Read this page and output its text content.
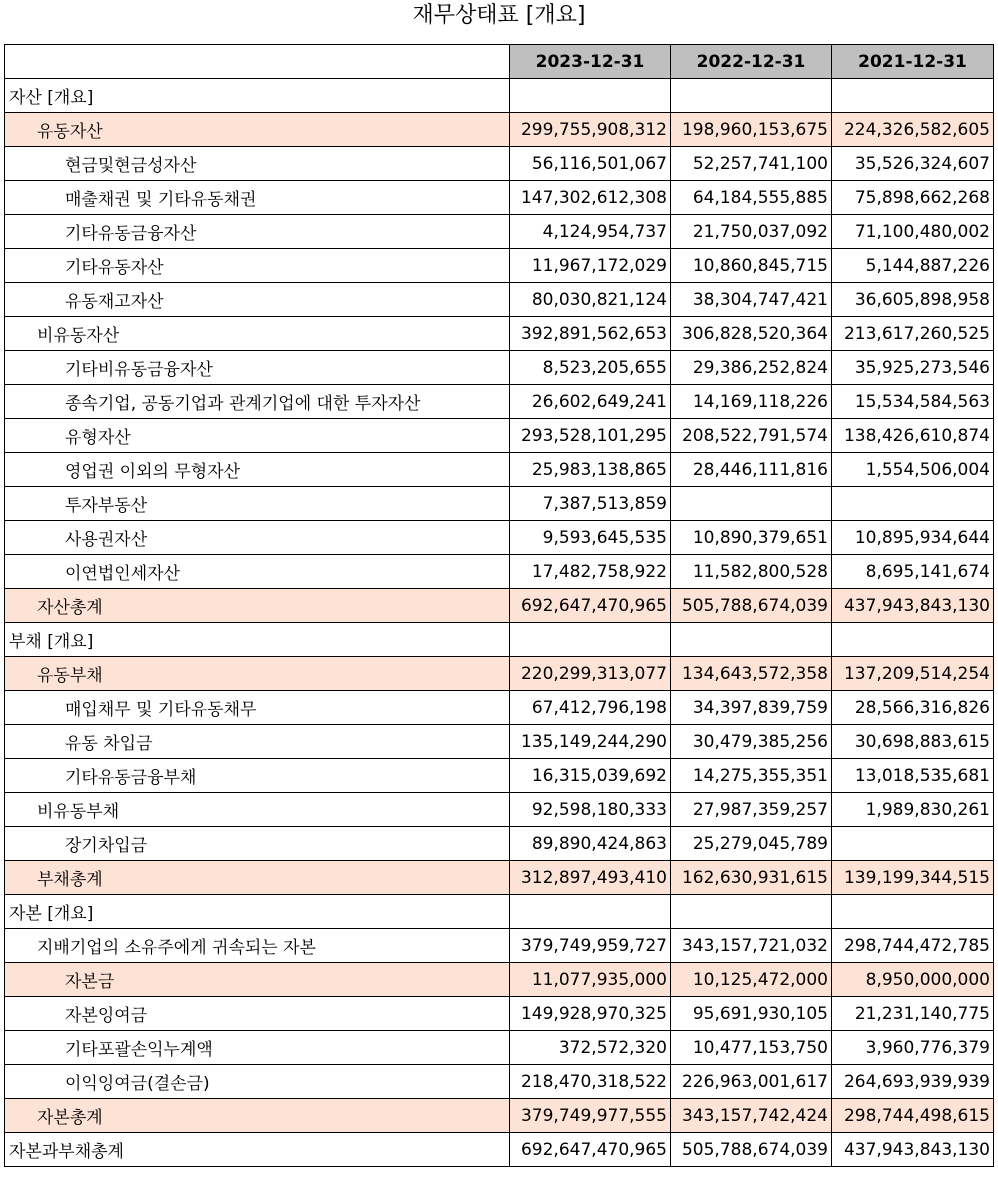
재무상태표 [개요]
	2023-12-31	2022-12-31	2021-12-31
자산 [개요]			
유동자산	299,755,908,312	198,960,153,675	224,326,582,605
현금및현금성자산	56,116,501,067	52,257,741,100	35,526,324,607
매출채권 및 기타유동채권	147,302,612,308	64,184,555,885	75,898,662,268
기타유동금융자산	4,124,954,737	21,750,037,092	71,100,480,002
기타유동자산	11,967,172,029	10,860,845,715	5,144,887,226
유동재고자산	80,030,821,124	38,304,747,421	36,605,898,958
비유동자산	392,891,562,653	306,828,520,364	213,617,260,525
기타비유동금융자산	8,523,205,655	29,386,252,824	35,925,273,546
종속기업, 공동기업과 관계기업에 대한 투자자산	26,602,649,241	14,169,118,226	15,534,584,563
유형자산	293,528,101,295	208,522,791,574	138,426,610,874
영업권 이외의 무형자산	25,983,138,865	28,446,111,816	1,554,506,004
투자부동산	7,387,513,859		
사용권자산	9,593,645,535	10,890,379,651	10,895,934,644
이연법인세자산	17,482,758,922	11,582,800,528	8,695,141,674
자산총계	692,647,470,965	505,788,674,039	437,943,843,130
부채 [개요]			
유동부채	220,299,313,077	134,643,572,358	137,209,514,254
매입채무 및 기타유동채무	67,412,796,198	34,397,839,759	28,566,316,826
유동 차입금	135,149,244,290	30,479,385,256	30,698,883,615
기타유동금융부채	16,315,039,692	14,275,355,351	13,018,535,681
비유동부채	92,598,180,333	27,987,359,257	1,989,830,261
장기차입금	89,890,424,863	25,279,045,789	
부채총계	312,897,493,410	162,630,931,615	139,199,344,515
자본 [개요]			
지배기업의 소유주에게 귀속되는 자본	379,749,959,727	343,157,721,032	298,744,472,785
자본금	11,077,935,000	10,125,472,000	8,950,000,000
자본잉여금	149,928,970,325	95,691,930,105	21,231,140,775
기타포괄손익누계액	372,572,320	10,477,153,750	3,960,776,379
이익잉여금(결손금)	218,470,318,522	226,963,001,617	264,693,939,939
자본총계	379,749,977,555	343,157,742,424	298,744,498,615
자본과부채총계	692,647,470,965	505,788,674,039	437,943,843,130
